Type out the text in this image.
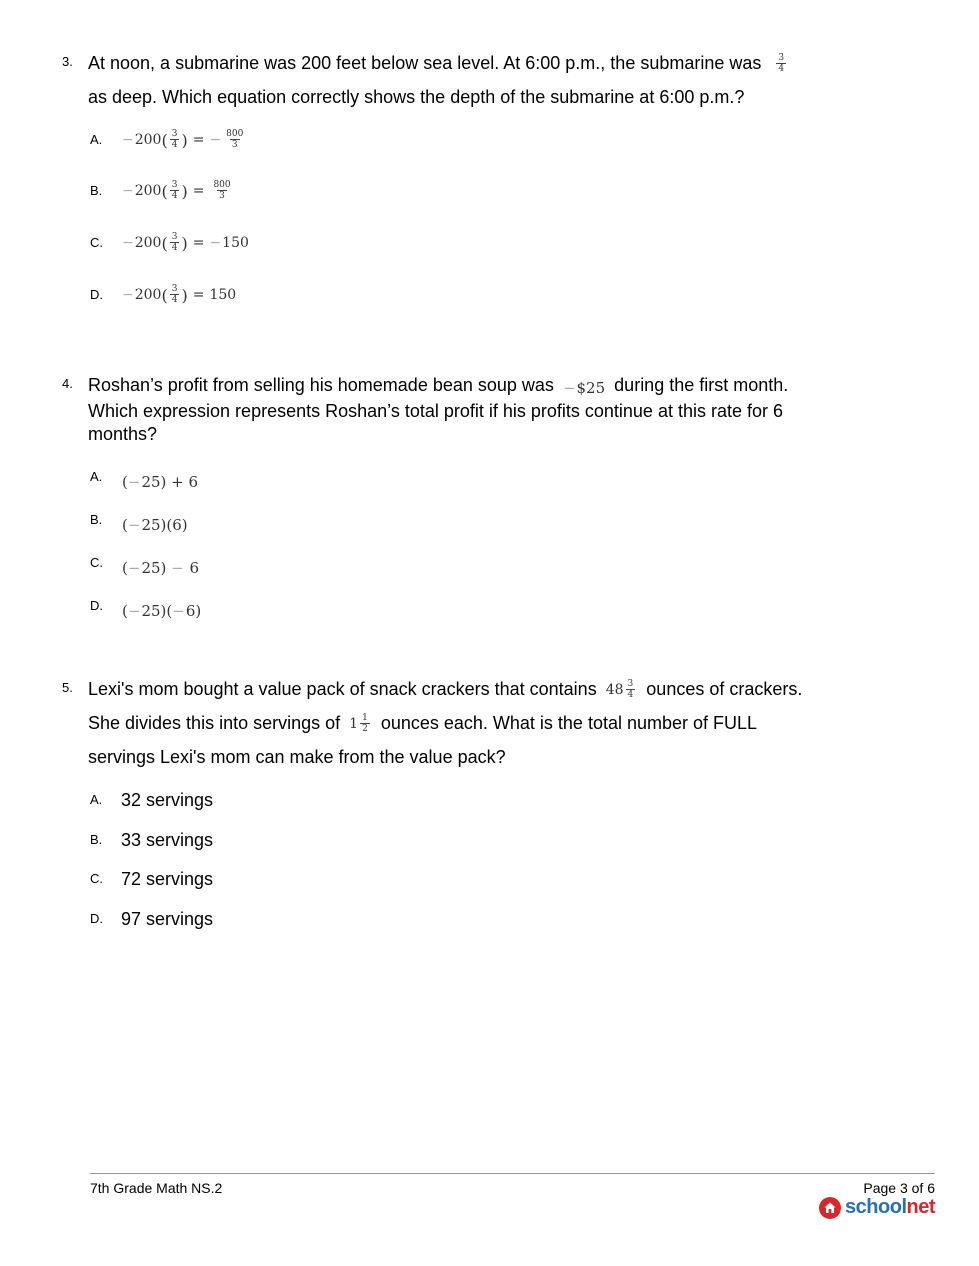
3. At noon, a submarine was 200 feet below sea level. At 6:00 p.m., the submarine was $\frac{3}{4}$
as deep. Which equation correctly shows the depth of the submarine at 6:00 p.m.?
A. − 200 ( $\frac{3}{4}$ ) = − $\frac{800}{3}$
B. − 200 ( $\frac{3}{4}$ ) = $\frac{800}{3}$
C. − 200 ( $\frac{3}{4}$ ) = − 150
D. − 200 ( $\frac{3}{4}$ ) = 150
4. Roshan’s profit from selling his homemade bean soup was − $25 during the first month.
Which expression represents Roshan’s total profit if his profits continue at this rate for 6
months?
A. ( − 25) + 6
B. ( − 25) (6)
C. ( − 25) − 6
D. ( − 25) ( − 6)
5. Lexi's mom bought a value pack of snack crackers that contains $48 \frac{3}{4}$ ounces of crackers.
She divides this into servings of $1 \frac{1}{2}$ ounces each. What is the total number of FULL
servings Lexi's mom can make from the value pack?
A. 32 servings
B. 33 servings
C. 72 servings
D. 97 servings
7th Grade Math NS.2	Page 3 of 6
schoolnet
